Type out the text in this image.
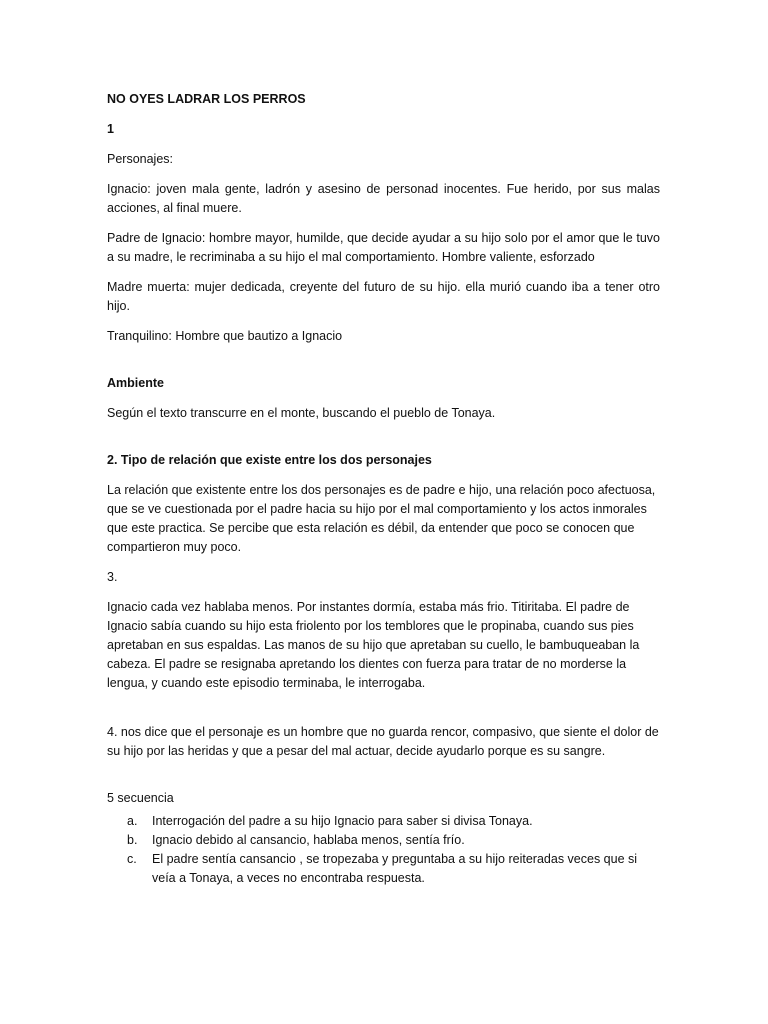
NO OYES LADRAR LOS PERROS

1

Personajes:

Ignacio: joven mala gente, ladrón y asesino de personad inocentes. Fue herido, por sus malas acciones, al final muere.

Padre de Ignacio: hombre mayor, humilde, que decide ayudar a su hijo solo por el amor que le tuvo a su madre, le recriminaba a su hijo el mal comportamiento. Hombre valiente, esforzado

Madre muerta: mujer dedicada, creyente del futuro de su hijo. ella murió cuando iba a tener otro hijo.

Tranquilino: Hombre que bautizo a Ignacio

Ambiente

Según el texto transcurre en el monte, buscando el pueblo de Tonaya.

2. Tipo de relación que existe entre los dos personajes

La relación que existente entre los dos personajes es de padre e hijo, una relación poco afectuosa, que se ve cuestionada por el padre hacia su hijo por el mal comportamiento y los actos inmorales que este practica. Se percibe que esta relación es débil, da entender que poco se conocen que compartieron muy poco.

3.

Ignacio cada vez hablaba menos. Por instantes dormía, estaba más frio. Titiritaba. El padre de Ignacio sabía cuando su hijo esta friolento por los temblores que le propinaba, cuando sus pies apretaban en sus espaldas. Las manos de su hijo que apretaban su cuello, le bambuqueaban la cabeza. El padre se resignaba apretando los dientes con fuerza para tratar de no morderse la lengua, y cuando este episodio terminaba, le interrogaba.

4. nos dice que el personaje es un hombre que no guarda rencor, compasivo, que siente el dolor de su hijo por las heridas y que a pesar del mal actuar, decide ayudarlo porque es su sangre.

5 secuencia

a. Interrogación del padre a su hijo Ignacio para saber si divisa Tonaya.
b. Ignacio debido al cansancio, hablaba menos, sentía frío.
c. El padre sentía cansancio , se tropezaba y preguntaba a su hijo reiteradas veces que si veía a Tonaya, a veces no encontraba respuesta.
